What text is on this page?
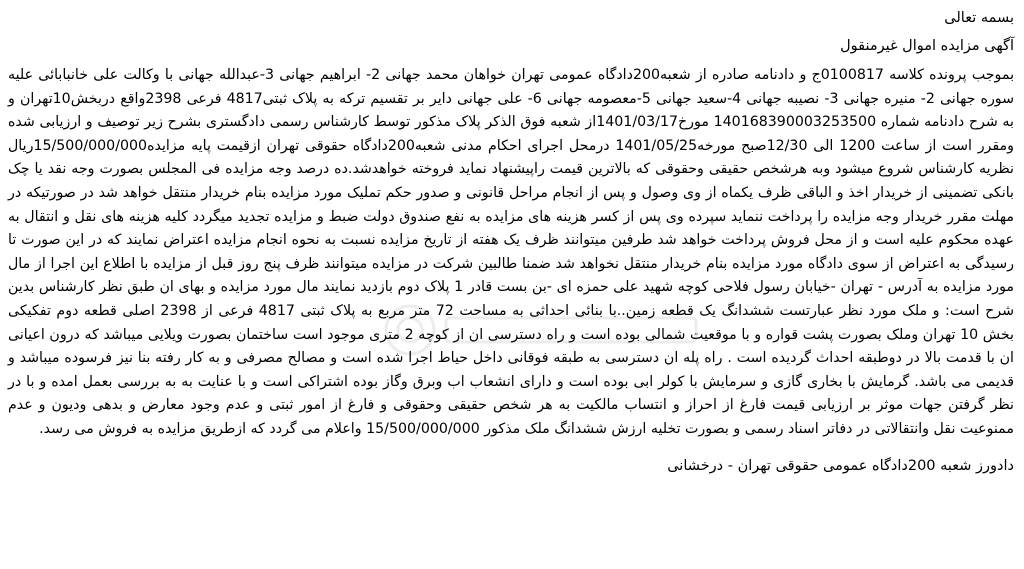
بسمه تعالی

آگهی مزایده اموال غیرمنقول

بموجب پرونده کلاسه 0100817ج و دادنامه صادره از شعبه200دادگاه عمومی تهران خواهان محمد جهانی 2- ابراهیم جهانی 3-عبدالله جهانی با وکالت علی خانبابائی علیه سوره جهانی 2- منیره جهانی 3- نصیبه جهانی 4-سعید جهانی 5-معصومه جهانی 6- علی جهانی دایر بر تقسیم ترکه به پلاک ثبتی4817 فرعی 2398واقع دربخش10تهران و به شرح دادنامه شماره 140168390003253500 مورخ1401/03/17از شعبه فوق الذکر پلاک مذکور توسط کارشناس رسمی دادگستری بشرح زیر توصیف و ارزیابی شده ومقرر است از ساعت 1200 الی 12/30صبح مورخه1401/05/25 درمحل اجرای احکام مدنی شعبه200دادگاه حقوقی تهران ازقیمت پایه مزایده15/500/000/000ریال نظریه کارشناس شروع میشود وبه هرشخص حقیقی وحقوقی که بالاترین قیمت راپیشنهاد نماید فروخته خواهدشد.ده درصد وجه مزایده فی المجلس بصورت وجه نقد یا چک بانکی تضمینی از خریدار اخذ و الباقی ظرف یکماه از وی وصول و پس از انجام مراحل قانونی و صدور حکم تملیک مورد مزایده بنام خریدار منتقل خواهد شد در صورتیکه در مهلت مقرر خریدار وجه مزایده را پرداخت ننماید سپرده وی پس از کسر هزینه های مزایده به نفع صندوق دولت ضبط و مزایده تجدید میگردد کلیه هزینه های نقل و انتقال به عهده محکوم علیه است و از محل فروش پرداخت خواهد شد طرفین میتوانند ظرف یک هفته از تاریخ مزایده نسبت به نحوه انجام مزایده اعتراض نمایند که در این صورت تا رسیدگی به اعتراض از سوی دادگاه مورد مزایده بنام خریدار منتقل نخواهد شد ضمنا طالبین شرکت در مزایده میتوانند ظرف پنج روز قبل از مزایده با اطلاع این اجرا از مال مورد مزایده به آدرس - تهران -خیابان رسول فلاحی کوچه شهید علی حمزه ای -بن بست قادر 1 پلاک دوم بازدید نمایند مال مورد مزایده و بهای ان طبق نظر کارشناس بدین شرح است: و ملک مورد نظر عبارتست ششدانگ یک قطعه زمین..با بنائی احداثی به مساحت 72 متر مربع به پلاک ثبتی 4817 فرعی از 2398 اصلی قطعه دوم تفکیکی بخش 10 تهران وملک بصورت پشت قواره و با موقعیت شمالی بوده است و راه دسترسی ان از کوچه 2 متری موجود است ساختمان بصورت ویلایی میباشد که درون اعیانی ان با قدمت بالا در دوطبقه احداث گردیده است . راه پله ان دسترسی به طبقه فوقانی داخل حیاط اجرا شده است و مصالح مصرفی و به کار رفته بنا نیز فرسوده میباشد و قدیمی می باشد. گرمایش با بخاری گازی و سرمایش با کولر ابی بوده است و دارای انشعاب اب وبرق وگاز بوده اشتراکی است و با عنایت به به بررسی بعمل امده و با در نظر گرفتن جهات موثر بر ارزیابی قیمت فارغ از احراز و انتساب مالکیت به هر شخص حقیقی وحقوقی و فارغ از امور ثبتی و عدم وجود معارض و بدهی ودیون و عدم ممنوعیت نقل وانتقالاتی در دفاتر اسناد رسمی و بصورت تخلیه ارزش ششدانگ ملک مذکور 15/500/000/000 واعلام می گردد که ازطریق مزایده به فروش می رسد.

دادورز شعبه 200دادگاه عمومی حقوقی تهران - درخشانی
